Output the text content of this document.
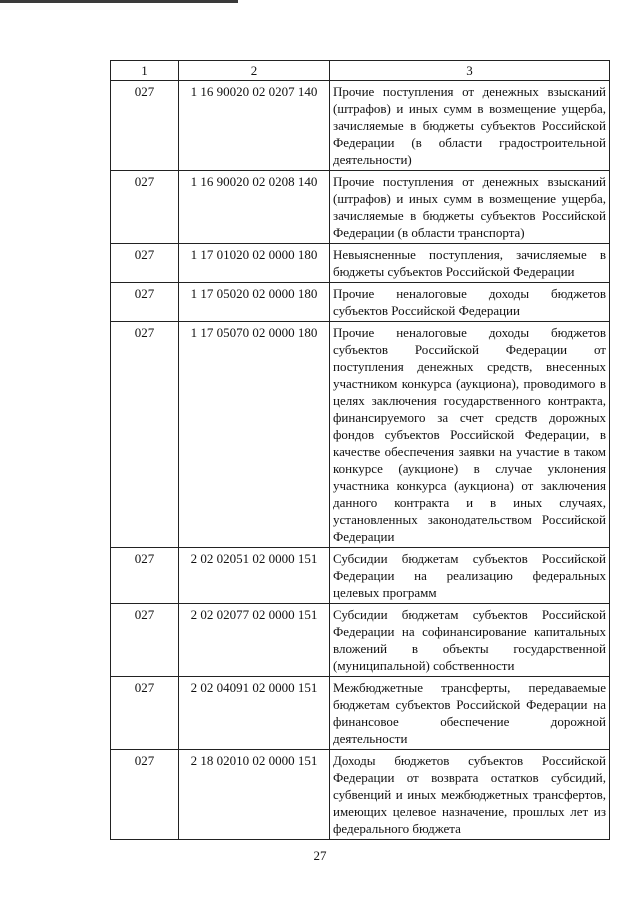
1	2	3
027	1 16 90020 02 0207 140	Прочие поступления от денежных взысканий (штрафов) и иных сумм в возмещение ущерба, зачисляемые в бюджеты субъектов Российской Федерации (в области градостроительной деятельности)
027	1 16 90020 02 0208 140	Прочие поступления от денежных взысканий (штрафов) и иных сумм в возмещение ущерба, зачисляемые в бюджеты субъектов Российской Федерации (в области транспорта)
027	1 17 01020 02 0000 180	Невыясненные поступления, зачисляемые в бюджеты субъектов Российской Федерации
027	1 17 05020 02 0000 180	Прочие неналоговые доходы бюджетов субъектов Российской Федерации
027	1 17 05070 02 0000 180	Прочие неналоговые доходы бюджетов субъектов Российской Федерации от поступления денежных средств, внесенных участником конкурса (аукциона), проводимого в целях заключения государственного контракта, финансируемого за счет средств дорожных фондов субъектов Российской Федерации, в качестве обеспечения заявки на участие в таком конкурсе (аукционе) в случае уклонения участника конкурса (аукциона) от заключения данного контракта и в иных случаях, установленных законодательством Российской Федерации
027	2 02 02051 02 0000 151	Субсидии бюджетам субъектов Российской Федерации на реализацию федеральных целевых программ
027	2 02 02077 02 0000 151	Субсидии бюджетам субъектов Российской Федерации на софинансирование капитальных вложений в объекты государственной (муниципальной) собственности
027	2 02 04091 02 0000 151	Межбюджетные трансферты, передаваемые бюджетам субъектов Российской Федерации на финансовое обеспечение дорожной деятельности
027	2 18 02010 02 0000 151	Доходы бюджетов субъектов Российской Федерации от возврата остатков субсидий, субвенций и иных межбюджетных трансфертов, имеющих целевое назначение, прошлых лет из федерального бюджета
27
